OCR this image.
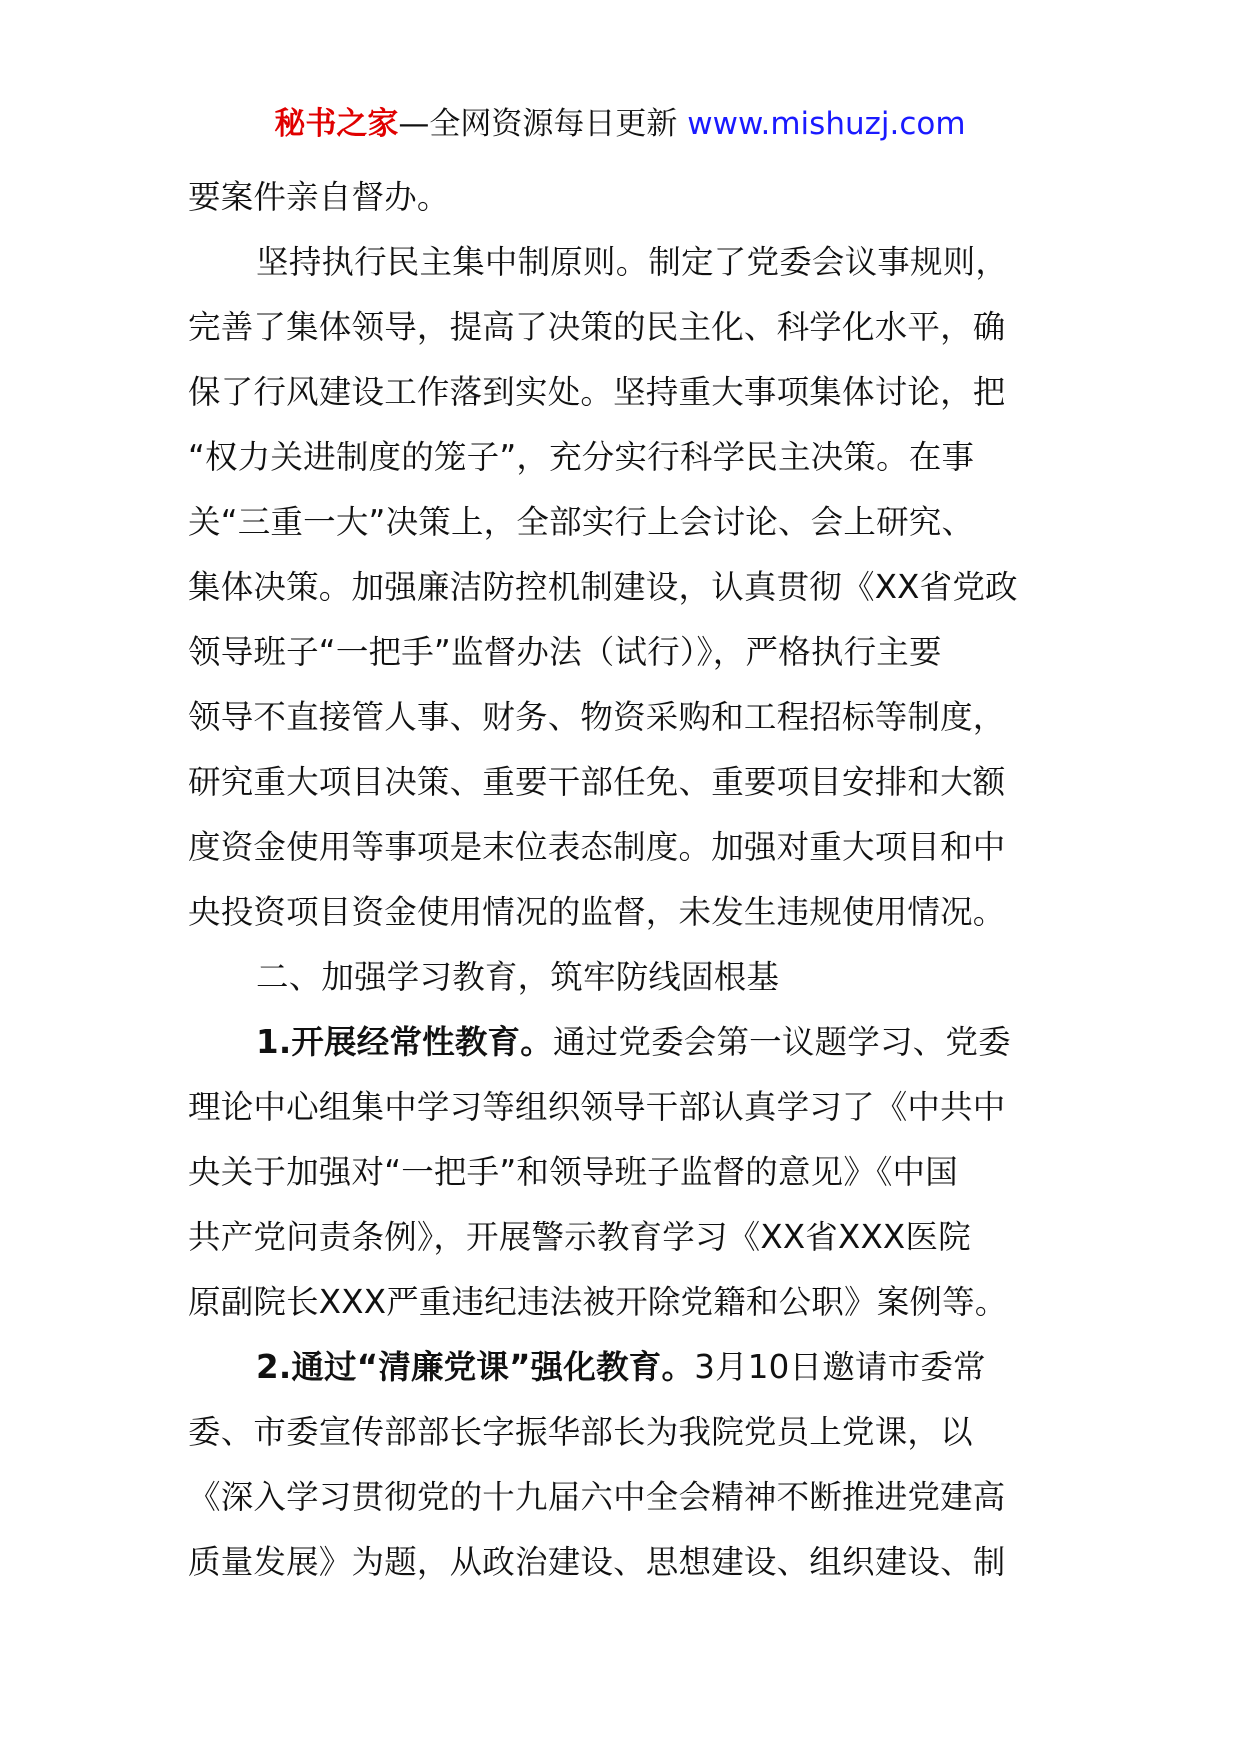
秘书之家—全网资源每日更新 www.mishuzj.com
要案件亲自督办。
坚持执行民主集中制原则。制定了党委会议事规则，
完善了集体领导，提高了决策的民主化、科学化水平，确
保了行风建设工作落到实处。坚持重大事项集体讨论，把
“权力关进制度的笼子”，充分实行科学民主决策。在事
关“三重一大”决策上，全部实行上会讨论、会上研究、
集体决策。加强廉洁防控机制建设，认真贯彻《XX省党政
领导班子“一把手”监督办法（试行）》，严格执行主要
领导不直接管人事、财务、物资采购和工程招标等制度，
研究重大项目决策、重要干部任免、重要项目安排和大额
度资金使用等事项是末位表态制度。加强对重大项目和中
央投资项目资金使用情况的监督，未发生违规使用情况。
二、加强学习教育，筑牢防线固根基
1.开展经常性教育。通过党委会第一议题学习、党委
理论中心组集中学习等组织领导干部认真学习了《中共中
央关于加强对“一把手”和领导班子监督的意见》《中国
共产党问责条例》，开展警示教育学习《XX省XXX医院
原副院长XXX严重违纪违法被开除党籍和公职》案例等。
2.通过“清廉党课”强化教育。3月10日邀请市委常
委、市委宣传部部长字振华部长为我院党员上党课，以
《深入学习贯彻党的十九届六中全会精神不断推进党建高
质量发展》为题，从政治建设、思想建设、组织建设、制
